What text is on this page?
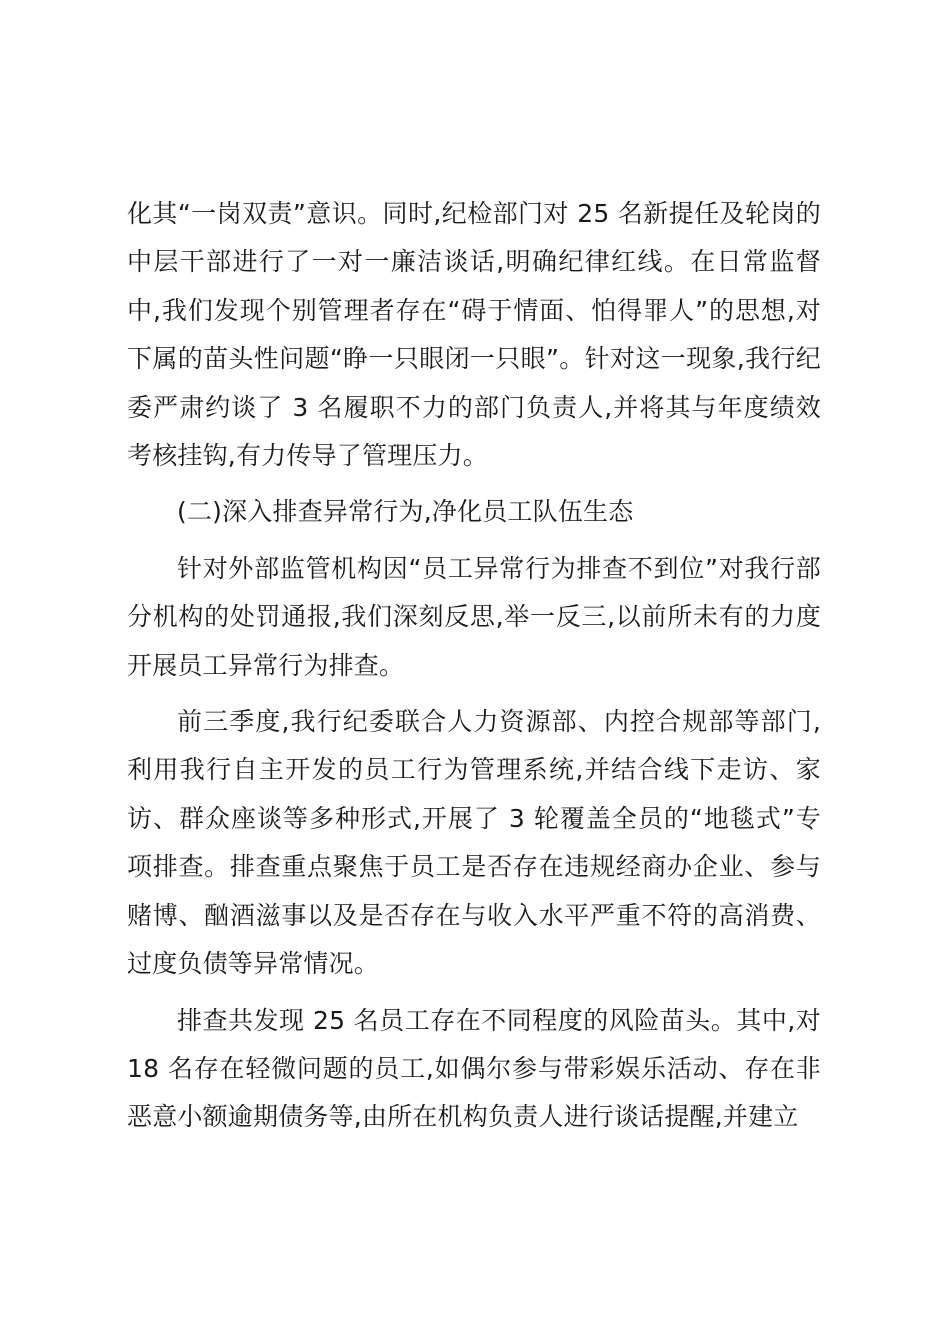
化其“一岗双责”意识。同时,纪检部门对 25 名新提任及轮岗的中层干部进行了一对一廉洁谈话,明确纪律红线。在日常监督中,我们发现个别管理者存在“碍于情面、怕得罪人”的思想,对下属的苗头性问题“睁一只眼闭一只眼”。针对这一现象,我行纪委严肃约谈了 3 名履职不力的部门负责人,并将其与年度绩效考核挂钩,有力传导了管理压力。

(二)深入排查异常行为,净化员工队伍生态

针对外部监管机构因“员工异常行为排查不到位”对我行部分机构的处罚通报,我们深刻反思,举一反三,以前所未有的力度开展员工异常行为排查。

前三季度,我行纪委联合人力资源部、内控合规部等部门,利用我行自主开发的员工行为管理系统,并结合线下走访、家访、群众座谈等多种形式,开展了 3 轮覆盖全员的“地毯式”专项排查。排查重点聚焦于员工是否存在违规经商办企业、参与赌博、酗酒滋事以及是否存在与收入水平严重不符的高消费、过度负债等异常情况。

排查共发现 25 名员工存在不同程度的风险苗头。其中,对 18 名存在轻微问题的员工,如偶尔参与带彩娱乐活动、存在非恶意小额逾期债务等,由所在机构负责人进行谈话提醒,并建立
